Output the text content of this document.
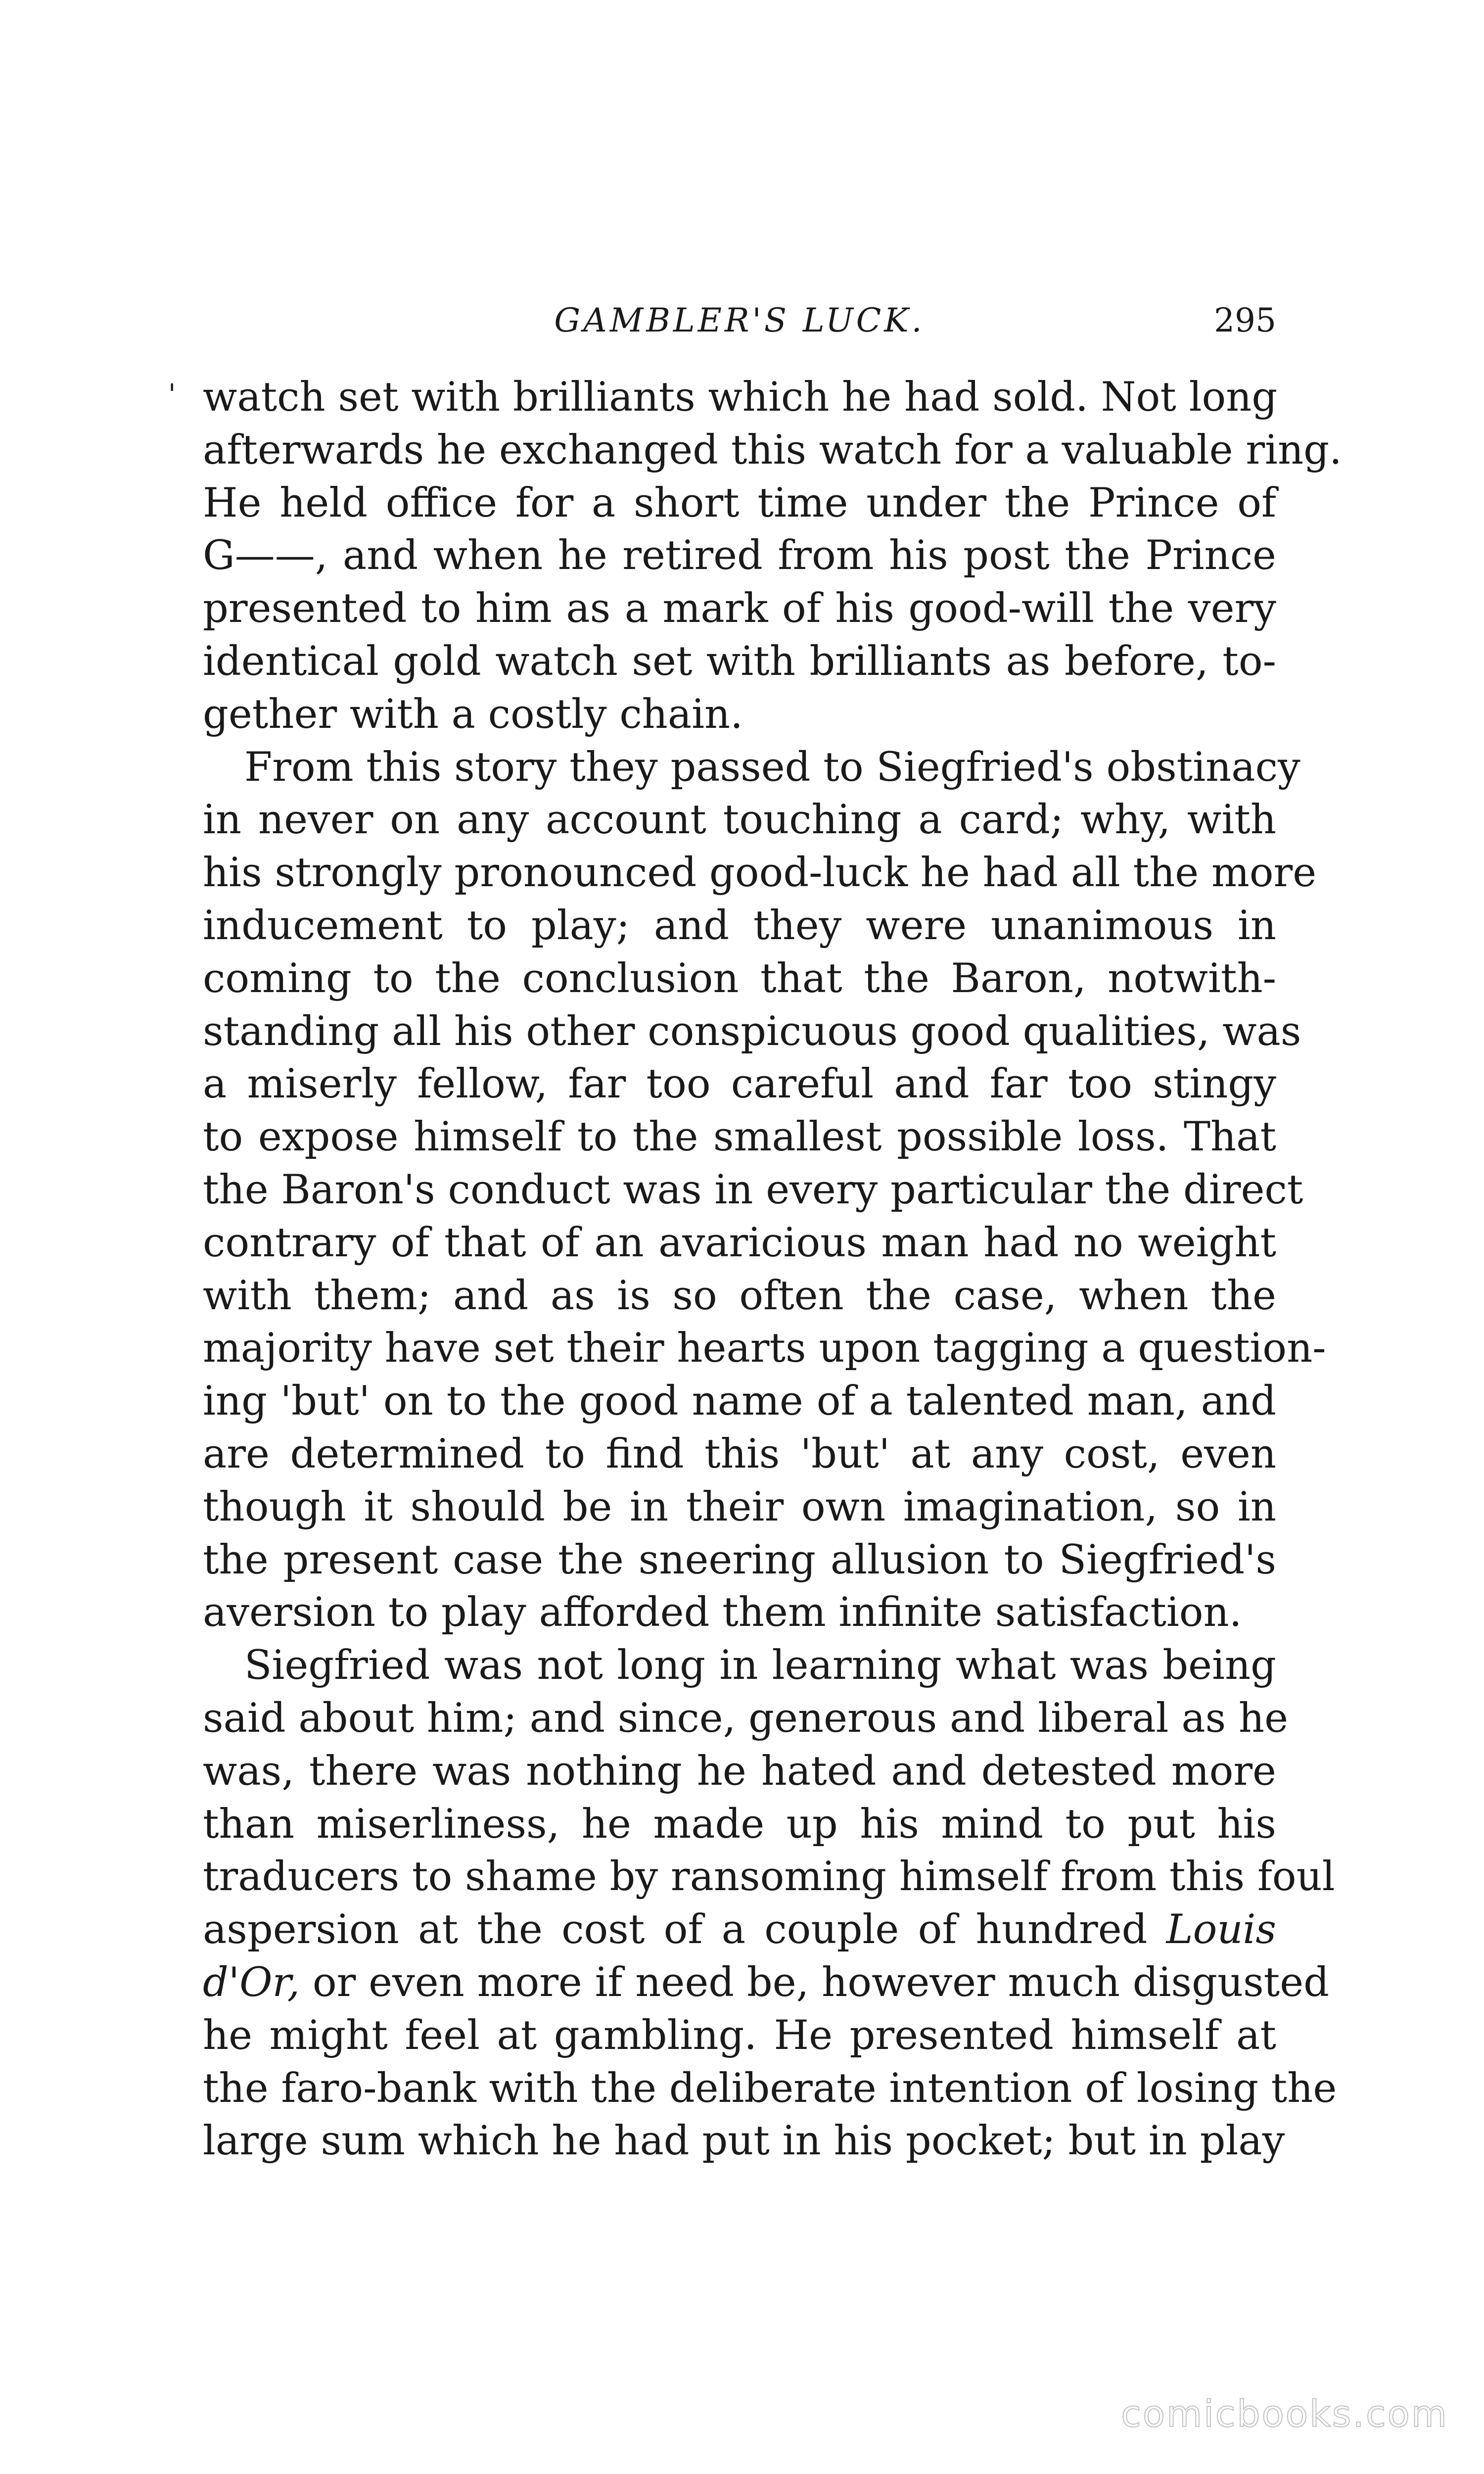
GAMBLER'S LUCK.	295
' watch set with brilliants which he had sold. Not long
afterwards he exchanged this watch for a valuable ring.
He held office for a short time under the Prince of
G——, and when he retired from his post the Prince
presented to him as a mark of his good-will the very
identical gold watch set with brilliants as before, to-
gether with a costly chain.
From this story they passed to Siegfried's obstinacy
in never on any account touching a card; why, with
his strongly pronounced good-luck he had all the more
inducement to play; and they were unanimous in
coming to the conclusion that the Baron, notwith-
standing all his other conspicuous good qualities, was
a miserly fellow, far too careful and far too stingy
to expose himself to the smallest possible loss. That
the Baron's conduct was in every particular the direct
contrary of that of an avaricious man had no weight
with them; and as is so often the case, when the
majority have set their hearts upon tagging a question-
ing 'but' on to the good name of a talented man, and
are determined to find this 'but' at any cost, even
though it should be in their own imagination, so in
the present case the sneering allusion to Siegfried's
aversion to play afforded them infinite satisfaction.
Siegfried was not long in learning what was being
said about him; and since, generous and liberal as he
was, there was nothing he hated and detested more
than miserliness, he made up his mind to put his
traducers to shame by ransoming himself from this foul
aspersion at the cost of a couple of hundred Louis
d'Or, or even more if need be, however much disgusted
he might feel at gambling. He presented himself at
the faro-bank with the deliberate intention of losing the
large sum which he had put in his pocket; but in play
comicbooks.com
